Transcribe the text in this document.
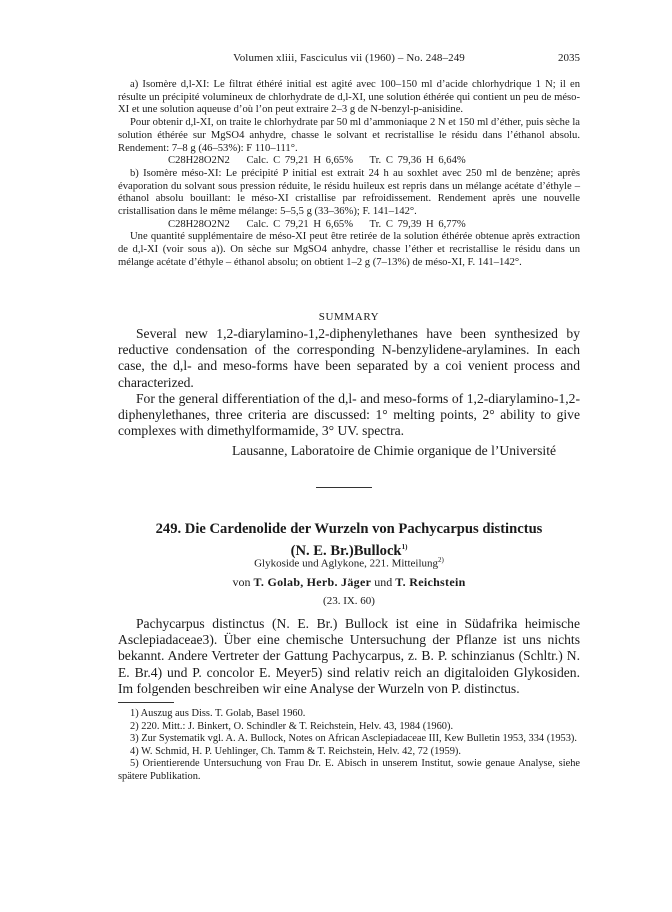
Volumen xliii, Fasciculus vii (1960) – No. 248–249	2035

a) Isomère d,l-XI: Le filtrat éthéré initial est agité avec 100–150 ml d’acide chlorhydrique 1 N; il en résulte un précipité volumineux de chlorhydrate de d,l-XI, une solution éthérée qui contient un peu de méso-XI et une solution aqueuse d’où l’on peut extraire 2–3 g de N-benzyl-p-anisidine.

Pour obtenir d,l-XI, on traite le chlorhydrate par 50 ml d’ammoniaque 2 N et 150 ml d’éther, puis sèche la solution éthérée sur MgSO4 anhydre, chasse le solvant et recristallise le résidu dans l’éthanol absolu. Rendement: 7–8 g (46–53%): F 110–111°.

C28H28O2N2 Calc. C 79,21 H 6,65% Tr. C 79,36 H 6,64%

b) Isomère méso-XI: Le précipité P initial est extrait 24 h au soxhlet avec 250 ml de benzène; après évaporation du solvant sous pression réduite, le résidu huileux est repris dans un mélange acétate d’éthyle – éthanol absolu bouillant: le méso-XI cristallise par refroidissement. Rendement après une nouvelle cristallisation dans le même mélange: 5–5,5 g (33–36%); F. 141–142°.

C28H28O2N2 Calc. C 79,21 H 6,65% Tr. C 79,39 H 6,77%

Une quantité supplémentaire de méso-XI peut être retirée de la solution éthérée obtenue après extraction de d,l-XI (voir sous a)). On sèche sur MgSO4 anhydre, chasse l’éther et recristallise le résidu dans un mélange acétate d’éthyle – éthanol absolu; on obtient 1–2 g (7–13%) de méso-XI, F. 141–142°.

SUMMARY

Several new 1,2-diarylamino-1,2-diphenylethanes have been synthesized by reductive condensation of the corresponding N-benzylidene-arylamines. In each case, the d,l- and meso-forms have been separated by a coi venient process and characterized.

For the general differentiation of the d,l- and meso-forms of 1,2-diarylamino-1,2-diphenylethanes, three criteria are discussed: 1° melting points, 2° ability to give complexes with dimethylformamide, 3° UV. spectra.

Lausanne, Laboratoire de Chimie organique de l’Université
249. Die Cardenolide der Wurzeln von Pachycarpus distinctus
(N. E. Br.)Bullock$^{1)}$
Glykoside und Aglykone, 221. Mitteilung$^{2)}$
von T. Golab, Herb. Jäger und T. Reichstein
(23. IX. 60)

Pachycarpus distinctus (N. E. Br.) Bullock ist eine in Südafrika heimische Asclepiadaceae3). Über eine chemische Untersuchung der Pflanze ist uns nichts bekannt. Andere Vertreter der Gattung Pachycarpus, z. B. P. schinzianus (Schltr.) N. E. Br.4) und P. concolor E. Meyer5) sind relativ reich an digitaloiden Glykosiden. Im folgenden beschreiben wir eine Analyse der Wurzeln von P. distinctus.

1) Auszug aus Diss. T. Golab, Basel 1960.

2) 220. Mitt.: J. Binkert, O. Schindler & T. Reichstein, Helv. 43, 1984 (1960).

3) Zur Systematik vgl. A. A. Bullock, Notes on African Asclepiadaceae III, Kew Bulletin 1953, 334 (1953).

4) W. Schmid, H. P. Uehlinger, Ch. Tamm & T. Reichstein, Helv. 42, 72 (1959).

5) Orientierende Untersuchung von Frau Dr. E. Abisch in unserem Institut, sowie genaue Analyse, siehe spätere Publikation.
